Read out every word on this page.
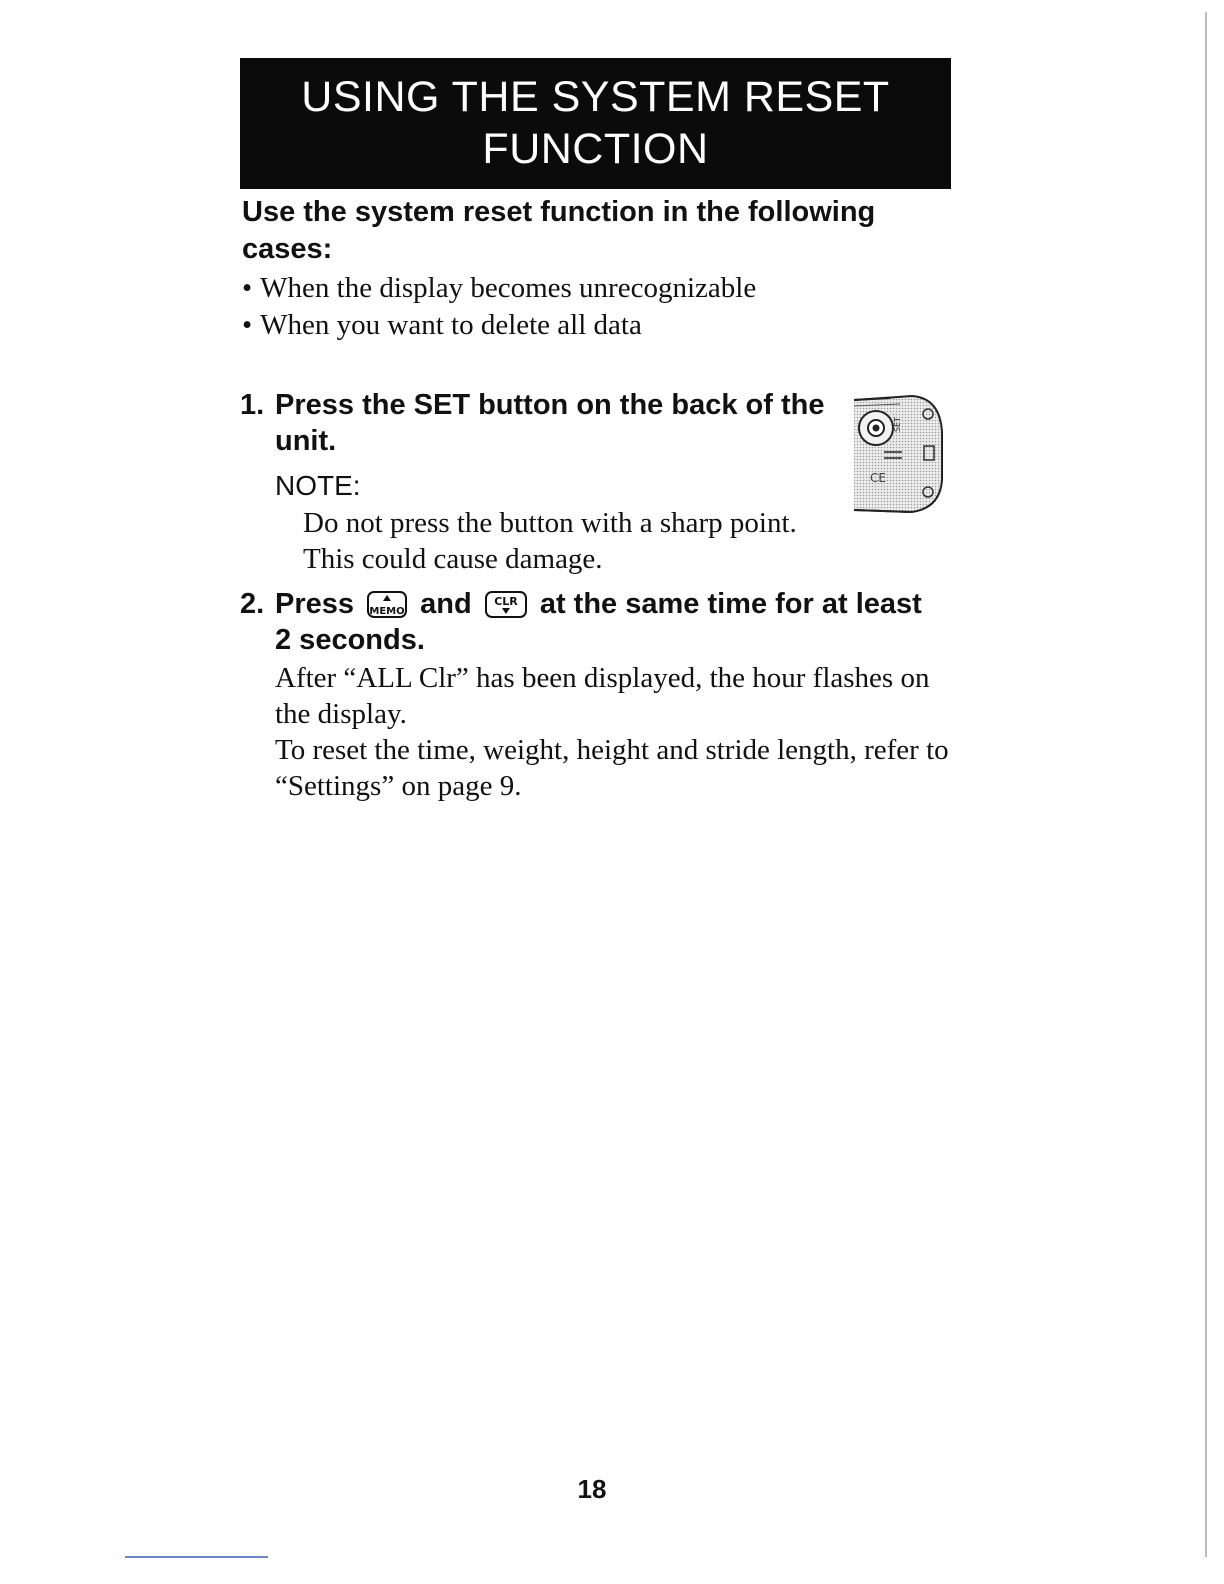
USING THE SYSTEM RESET
FUNCTION
Use the system reset function in the following cases:
• When the display becomes unrecognizable
• When you want to delete all data
1. Press the SET button on the back of the
unit.
NOTE:
Do not press the button with a sharp point.
This could cause damage.
SET
CE
2. Press MEMO and CLR at the same time for at least
2 seconds.
After “ALL Clr” has been displayed, the hour flashes on
the display.
To reset the time, weight, height and stride length, refer to
“Settings” on page 9.
18
